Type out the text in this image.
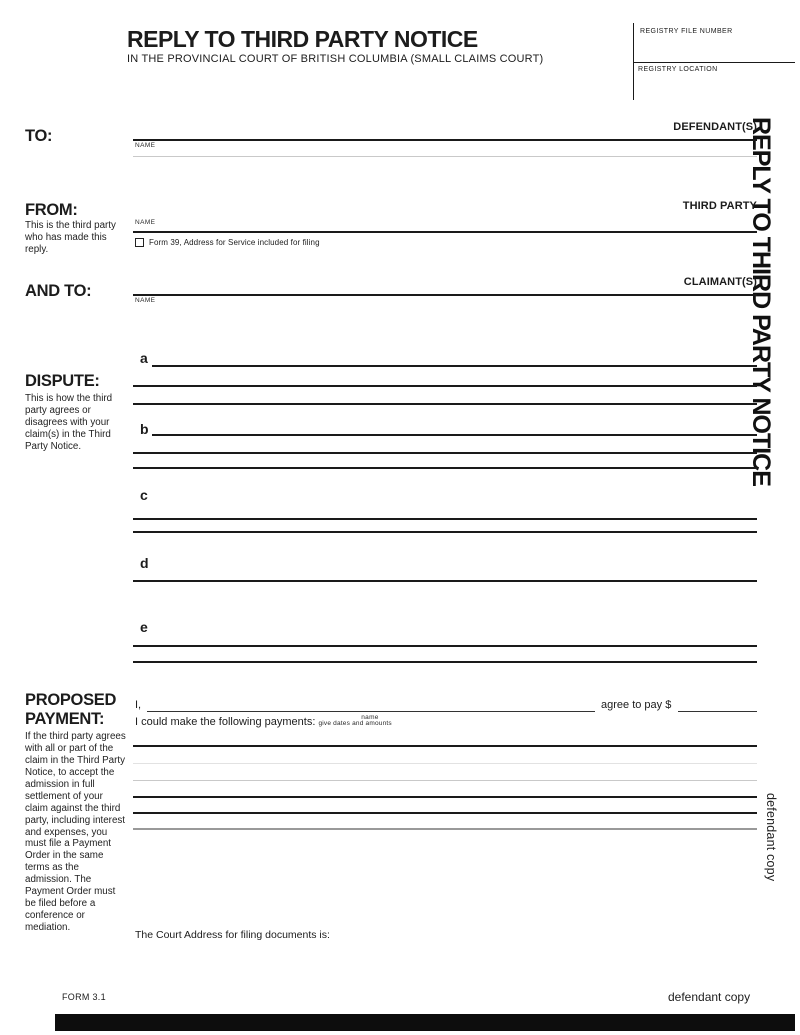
REPLY TO THIRD PARTY NOTICE
IN THE PROVINCIAL COURT OF BRITISH COLUMBIA (SMALL CLAIMS COURT)
REGISTRY FILE NUMBER
REGISTRY LOCATION
REPLY TO THIRD PARTY NOTICE
defendant copy
TO:	DEFENDANT(S)
NAME
FROM:
This is the third party who has made this reply.
THIRD PARTY
NAME
Form 39, Address for Service included for filing
AND TO:	CLAIMANT(S)
NAME
DISPUTE:
This is how the third party agrees or disagrees with your claim(s) in the Third Party Notice.
a
b
c
d
e
PROPOSED PAYMENT:
If the third party agrees with all or part of the claim in the Third Party Notice, to accept the admission in full settlement of your claim against the third party, including interest and expenses, you must file a Payment Order in the same terms as the admission. The Payment Order must be filed before a conference or mediation.
I,
name
agree to pay $
I could make the following payments: give dates and amounts
The Court Address for filing documents is:
FORM 3.1	defendant copy
